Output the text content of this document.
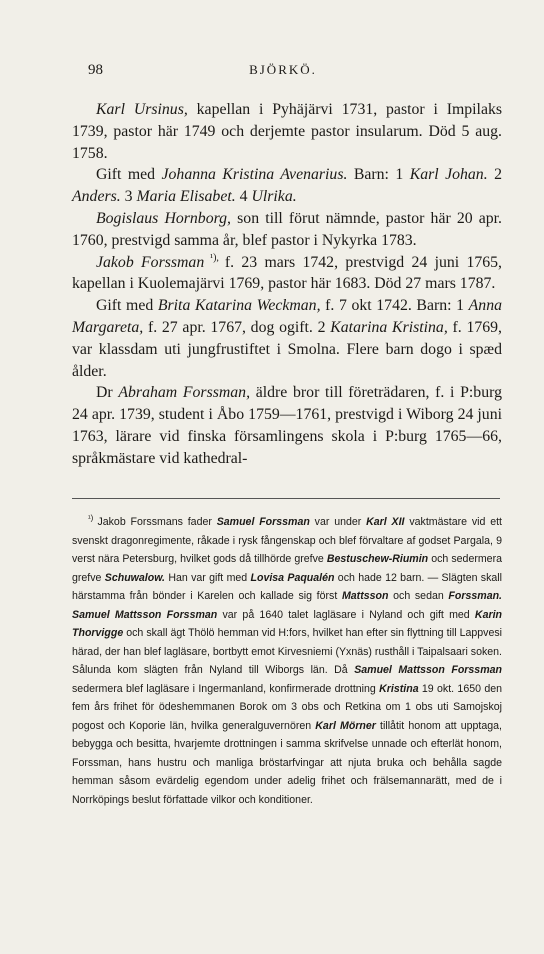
98	BJÖRKÖ.

Karl Ursinus, kapellan i Pyhäjärvi 1731, pastor i Impilaks 1739, pastor här 1749 och derjemte pastor insularum. Död 5 aug. 1758.

Gift med Johanna Kristina Avenarius. Barn: 1 Karl Johan. 2 Anders. 3 Maria Elisabet. 4 Ulrika.

Bogislaus Hornborg, son till förut nämnde, pastor här 20 apr. 1760, prestvigd samma år, blef pastor i Nykyrka 1783.

Jakob Forssman $^{^1),}$ f. 23 mars 1742, prestvigd 24 juni 1765, kapellan i Kuolemajärvi 1769, pastor här 1683. Död 27 mars 1787.

Gift med Brita Katarina Weckman, f. 7 okt 1742. Barn: 1 Anna Margareta, f. 27 apr. 1767, dog ogift. 2 Katarina Kristina, f. 1769, var klassdam uti jungfrustiftet i Smolna. Flere barn dogo i spæd ålder.

Dr Abraham Forssman, äldre bror till företrädaren, f. i P:burg 24 apr. 1739, student i Åbo 1759—1761, prestvigd i Wiborg 24 juni 1763, lärare vid finska församlingens skola i P:burg 1765—66, språkmästare vid kathedral-

$^{^1)}$ Jakob Forssmans fader Samuel Forssman var under Karl XII vaktmästare vid ett svenskt dragonregimente, råkade i rysk fångenskap och blef förvaltare af godset Pargala, 9 verst nära Petersburg, hvilket gods då tillhörde grefve Bestuschew-Riumin och sedermera grefve Schuwalow. Han var gift med Lovisa Paqualén och hade 12 barn. — Slägten skall härstamma från bönder i Karelen och kallade sig först Mattsson och sedan Forssman. Samuel Mattsson Forssman var på 1640 talet lagläsare i Nyland och gift med Karin Thorvigge och skall ägt Thölö hemman vid H:fors, hvilket han efter sin flyttning till Lappvesi härad, der han blef lagläsare, bortbytt emot Kirvesniemi (Yxnäs) rusthåll i Taipalsaari soken. Sålunda kom slägten från Nyland till Wiborgs län. Då Samuel Mattsson Forssman sedermera blef lagläsare i Ingermanland, konfirmerade drottning Kristina 19 okt. 1650 den fem års frihet för ödeshemmanen Borok om 3 obs och Retkina om 1 obs uti Samojskoj pogost och Koporie län, hvilka generalguvernören Karl Mörner tillåtit honom att upptaga, bebygga och besitta, hvarjemte drottningen i samma skrifvelse unnade och efterlät honom, Forssman, hans hustru och manliga bröstarfvingar att njuta bruka och behålla sagde hemman såsom evärdelig egendom under adelig frihet och frälsemannarätt, med de i Norrköpings beslut författade vilkor och konditioner.
